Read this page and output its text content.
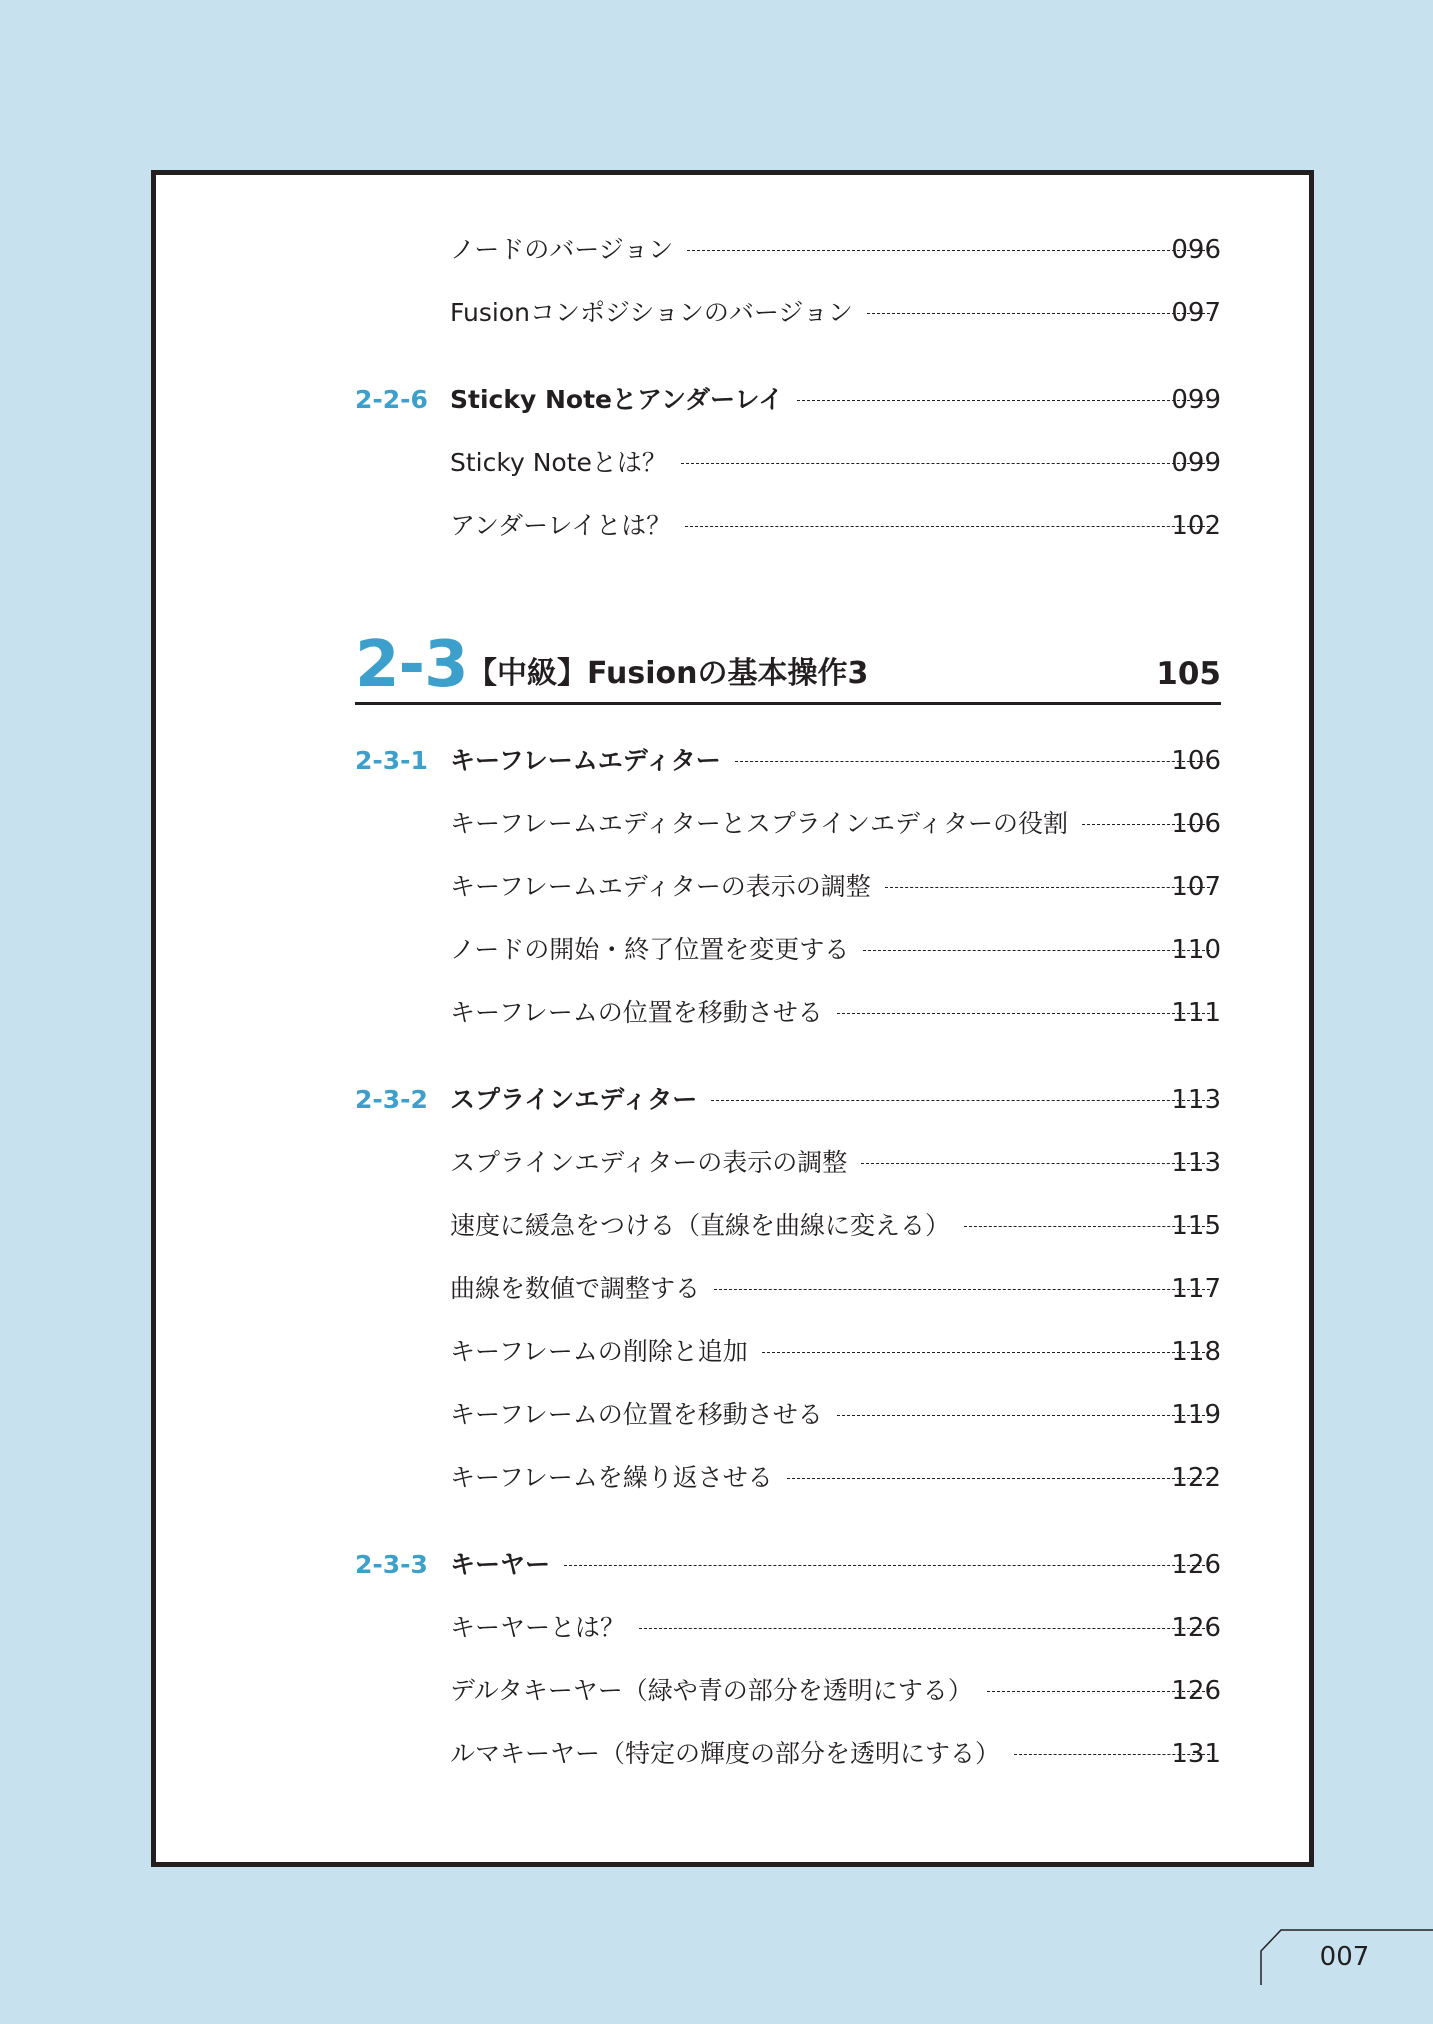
ノードのバージョン	096
Fusionコンポジションのバージョン	097
2-2-6 Sticky Noteとアンダーレイ	099
Sticky Noteとは？	099
アンダーレイとは？	102
2-3 【中級】Fusionの基本操作3	105
2-3-1 キーフレームエディター	106
キーフレームエディターとスプラインエディターの役割	106
キーフレームエディターの表示の調整	107
ノードの開始・終了位置を変更する	110
キーフレームの位置を移動させる	111
2-3-2 スプラインエディター	113
スプラインエディターの表示の調整	113
速度に緩急をつける（直線を曲線に変える）	115
曲線を数値で調整する	117
キーフレームの削除と追加	118
キーフレームの位置を移動させる	119
キーフレームを繰り返させる	122
2-3-3 キーヤー	126
キーヤーとは？	126
デルタキーヤー（緑や青の部分を透明にする）	126
ルマキーヤー（特定の輝度の部分を透明にする）	131
007
